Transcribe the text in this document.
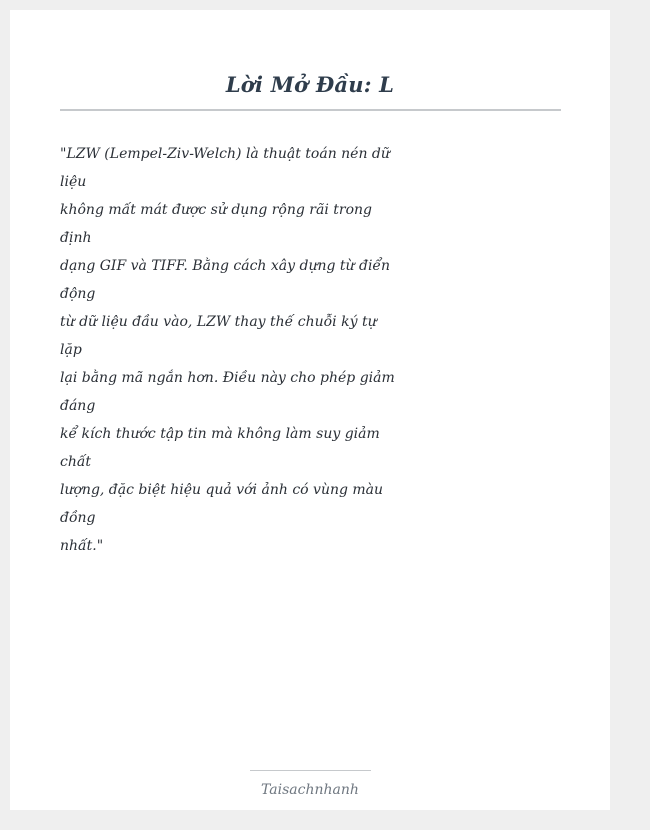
Lời Mở Đầu: L
"LZW (Lempel-Ziv-Welch) là thuật toán nén dữ
liệu
không mất mát được sử dụng rộng rãi trong
định
dạng GIF và TIFF. Bằng cách xây dựng từ điển
động
từ dữ liệu đầu vào, LZW thay thế chuỗi ký tự
lặp
lại bằng mã ngắn hơn. Điều này cho phép giảm
đáng
kể kích thước tập tin mà không làm suy giảm
chất
lượng, đặc biệt hiệu quả với ảnh có vùng màu
đồng
nhất."
Taisachnhanh
